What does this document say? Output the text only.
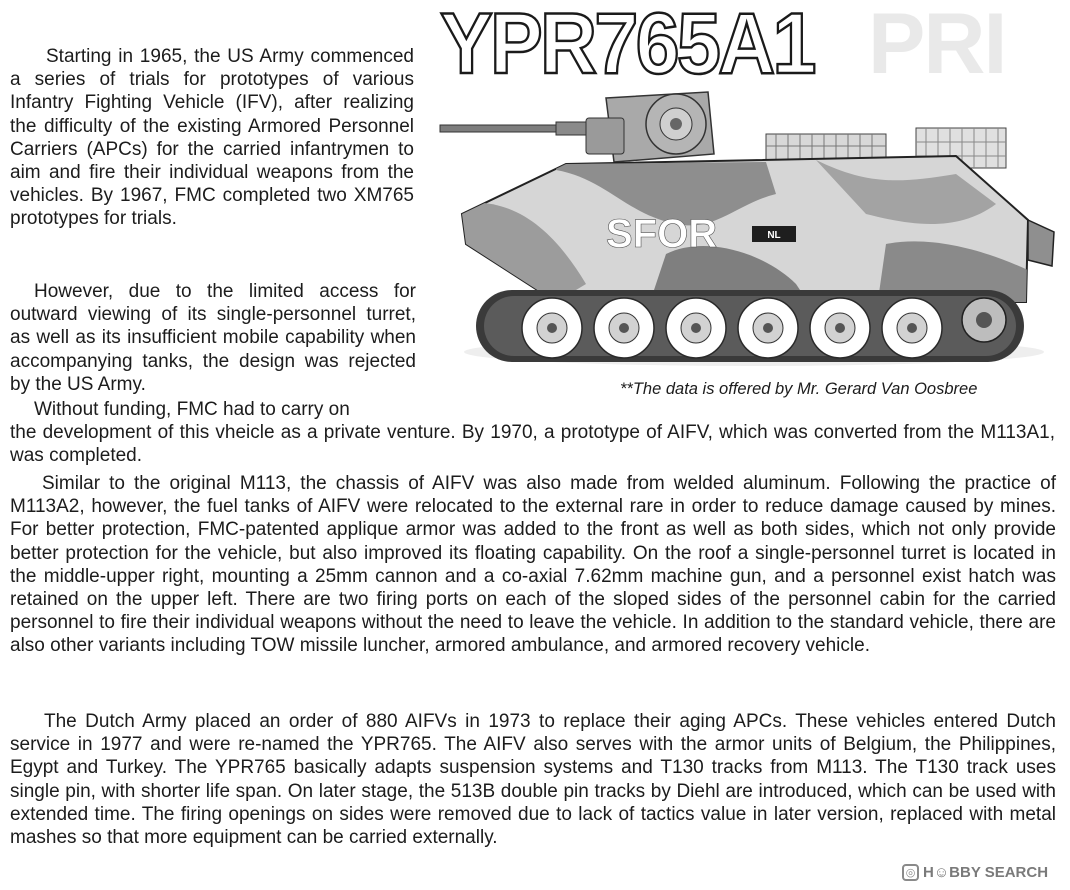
PRI
YPR765A1

Starting in 1965, the US Army commenced a series of trials for prototypes of various Infantry Fighting Vehicle (IFV), after realizing the difficulty of the existing Armored Personnel Carriers (APCs) for the carried infantrymen to aim and fire their individual weapons from the vehicles. By 1967, FMC completed two XM765 prototypes for trials.

However, due to the limited access for outward viewing of its single-personnel turret, as well as its insufficient mobile capability when accompanying tanks, the design was rejected by the US Army.

Without funding, FMC had to carry on

the development of this vheicle as a private venture. By 1970, a prototype of AIFV, which was converted from the M113A1, was completed.

NL
SFOR
**The data is offered by Mr. Gerard Van Oosbree

Similar to the original M113, the chassis of AIFV was also made from welded aluminum. Following the practice of M113A2, however, the fuel tanks of AIFV were relocated to the external rare in order to reduce damage caused by mines. For better protection, FMC-patented applique armor was added to the front as well as both sides, which not only provide better protection for the vehicle, but also improved its floating capability. On the roof a single-personnel turret is located in the middle-upper right, mounting a 25mm cannon and a co-axial 7.62mm machine gun, and a personnel exist hatch was retained on the upper left. There are two firing ports on each of the sloped sides of the personnel cabin for the carried personnel to fire their individual weapons without the need to leave the vehicle. In addition to the standard vehicle, there are also other variants including TOW missile luncher, armored ambulance, and armored recovery vehicle.

The Dutch Army placed an order of 880 AIFVs in 1973 to replace their aging APCs. These vehicles entered Dutch service in 1977 and were re-named the YPR765. The AIFV also serves with the armor units of Belgium, the Philippines, Egypt and Turkey. The YPR765 basically adapts suspension systems and T130 tracks from M113. The T130 track uses single pin, with shorter life span. On later stage, the 513B double pin tracks by Diehl are introduced, which can be used with extended time. The firing openings on sides were removed due to lack of tactics value in later version, replaced with metal mashes so that more equipment can be carried externally.

◎ H☺BBY SEARCH
